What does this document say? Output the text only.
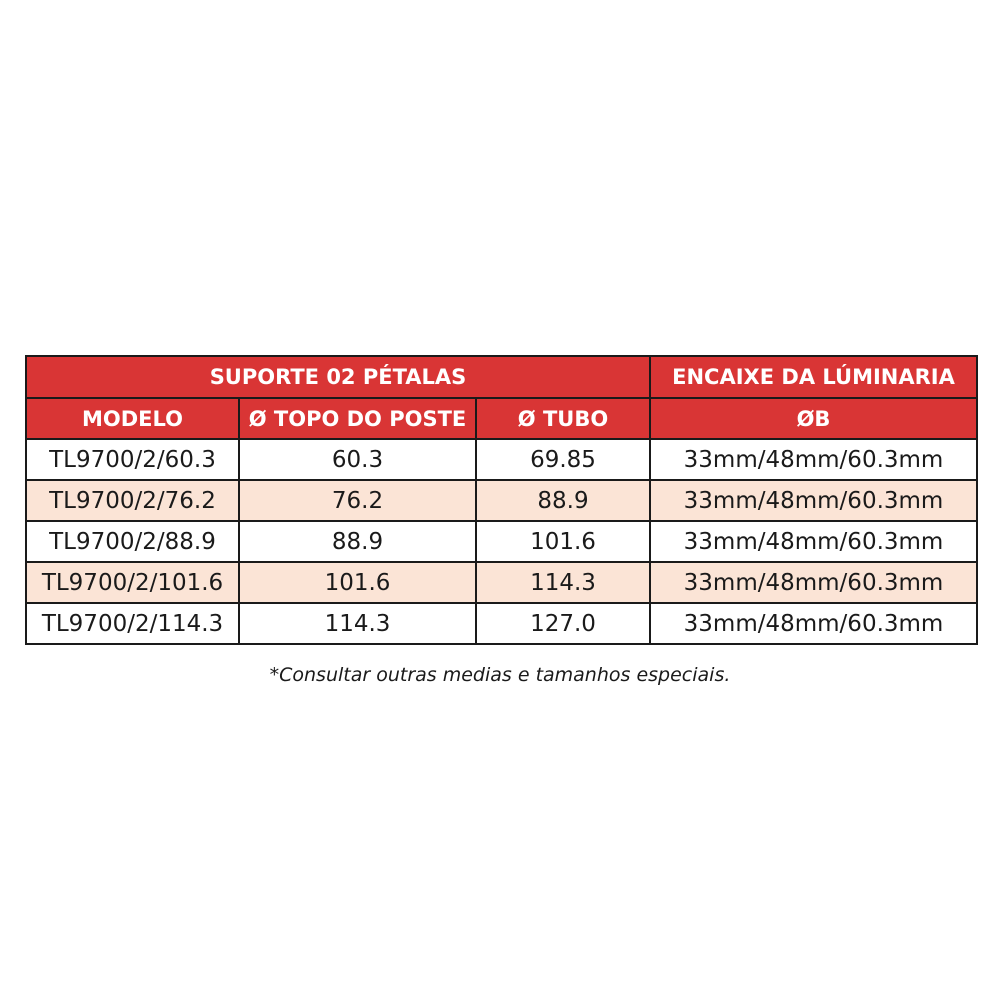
SUPORTE 02 PÉTALAS			ENCAIXE DA LÚMINARIA
MODELO	Ø TOPO DO POSTE	Ø TUBO	ØB
TL9700/2/60.3	60.3	69.85	33mm/48mm/60.3mm
TL9700/2/76.2	76.2	88.9	33mm/48mm/60.3mm
TL9700/2/88.9	88.9	101.6	33mm/48mm/60.3mm
TL9700/2/101.6	101.6	114.3	33mm/48mm/60.3mm
TL9700/2/114.3	114.3	127.0	33mm/48mm/60.3mm
*Consultar outras medias e tamanhos especiais.
